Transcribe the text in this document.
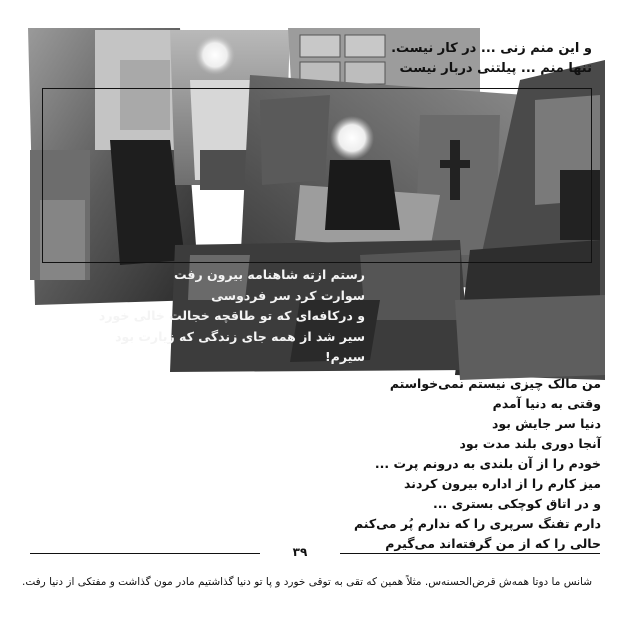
و این منم زنی ... در کار نیست.
تنها منم ... پیلتنی دربار نیست
رستم ازته شاهنامه بیرون رفت
سوارت کرد سر فردوسی
و درکافه‌ای که تو طاقچه خجالت خالی خورد
سیر شد از همه جای زندگی که زیارت بود
سیرم!
من مالک چیزی نیستم نمی‌خواستم
وقتی به دنیا آمدم
دنیا سر جایش بود
آنجا دوری بلند مدت بود
خودم را از آن بلندی به درونم پرت ...
میز کارم را از اداره بیرون کردند
و در اتاق کوچکی بستری ...
دارم تفنگ سرپری را که ندارم پُر می‌کنم
حالی را که از من گرفته‌اند می‌گیرم
۳۹
شانس ما دوتا همه‌ش قرض‌الحسنه‌س. مثلاً همین که تقی به توقی خورد و پا تو دنیا گذاشتیم مادر مون گذاشت و مفتکی از دنیا رفت.
